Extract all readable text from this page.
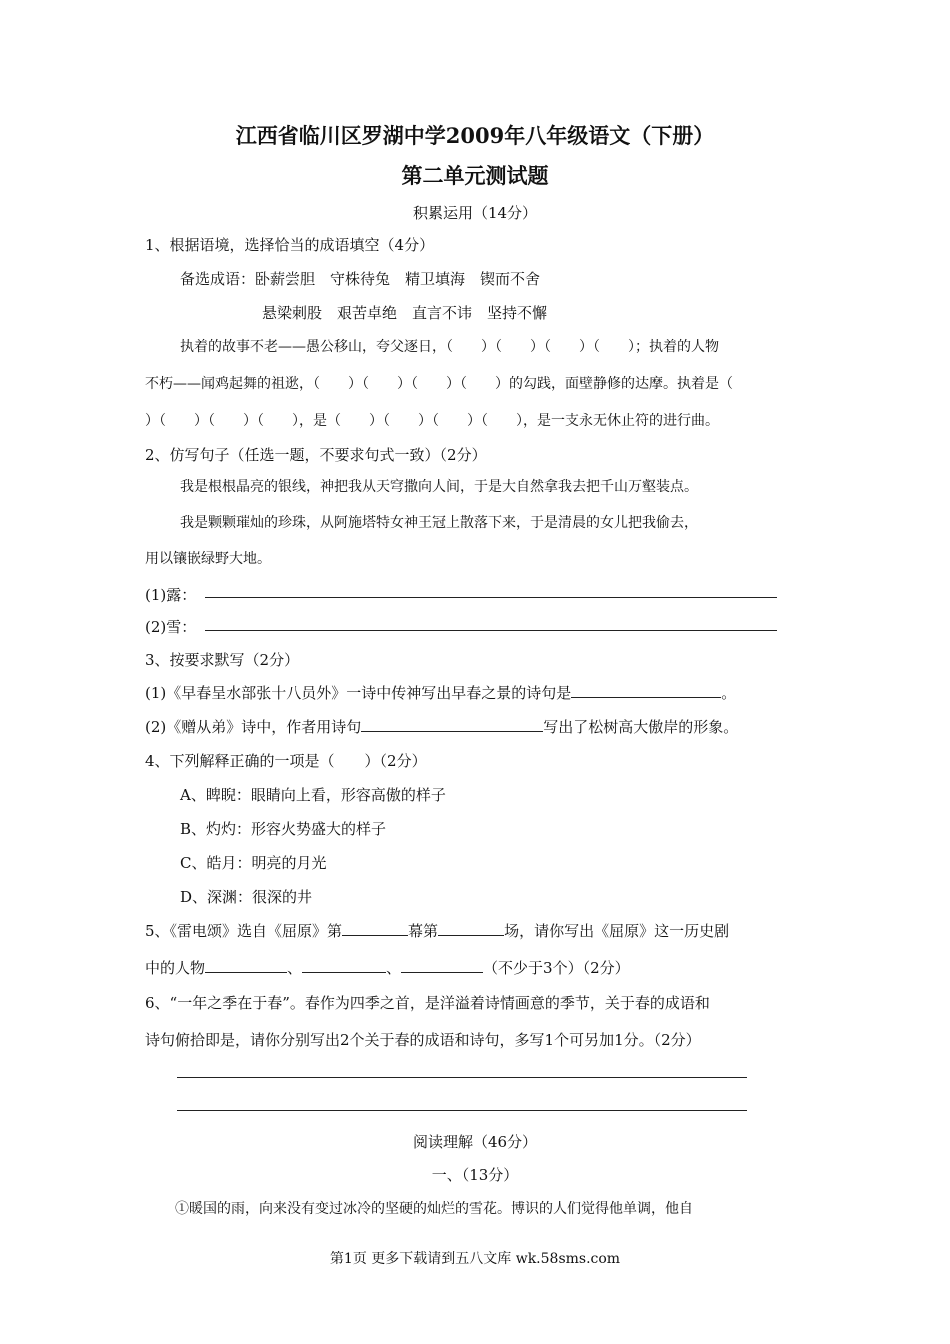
江西省临川区罗湖中学2009年八年级语文（下册）
第二单元测试题
积累运用（14分）
1、根据语境，选择恰当的成语填空（4分）
备选成语：卧薪尝胆　守株待兔　精卫填海　锲而不舍
悬梁刺股　艰苦卓绝　直言不讳　坚持不懈
执着的故事不老——愚公移山，夸父逐日，（　　）（　　）（　　）（　　）；执着的人物
不朽——闻鸡起舞的祖逖，（　　）（　　）（　　）（　　）的勾践，面壁静修的达摩。执着是（
）（　　）（　　）（　　），是（　　）（　　）（　　）（　　），是一支永无休止符的进行曲。
2、仿写句子（任选一题，不要求句式一致）（2分）
我是根根晶亮的银线，神把我从天穹撒向人间，于是大自然拿我去把千山万壑装点。
我是颗颗璀灿的珍珠，从阿施塔特女神王冠上散落下来，于是清晨的女儿把我偷去，
用以镶嵌绿野大地。
(1)露：
(2)雪：
3、按要求默写（2分）
(1)《早春呈水部张十八员外》一诗中传神写出早春之景的诗句是	。
(2)《赠从弟》诗中，作者用诗句	写出了松树高大傲岸的形象。
4、下列解释正确的一项是（　　）（2分）
A、睥睨：眼睛向上看，形容高傲的样子
B、灼灼：形容火势盛大的样子
C、皓月：明亮的月光
D、深渊：很深的井
5、《雷电颂》选自《屈原》第	幕第	场，请你写出《屈原》这一历史剧
中的人物	、	、	（不少于3个）（2分）
6、“一年之季在于春”。春作为四季之首，是洋溢着诗情画意的季节，关于春的成语和
诗句俯拾即是，请你分别写出2个关于春的成语和诗句，多写1个可另加1分。（2分）
阅读理解（46分）
一、（13分）
①暖国的雨，向来没有变过冰冷的坚硬的灿烂的雪花。博识的人们觉得他单调，他自
第1页 更多下载请到五八文库 wk.58sms.com
